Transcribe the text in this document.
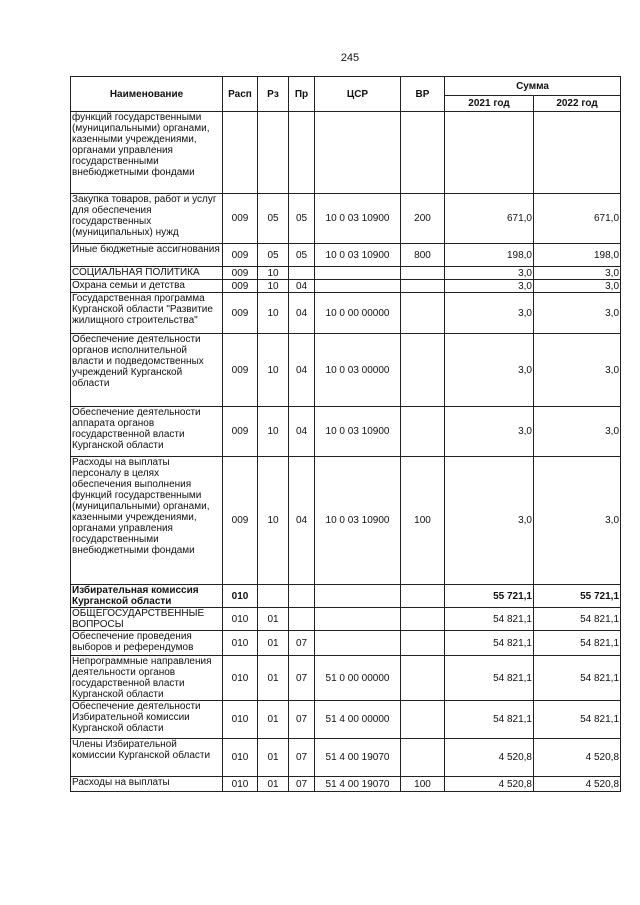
245
Наименование	Расп	Рз	Пр	ЦСР	ВР	Сумма	
						2021 год	2022 год
функций государственными (муниципальными) органами, казенными учреждениями, органами управления государственными внебюджетными фондами							
Закупка товаров, работ и услуг для обеспечения государственных (муниципальных) нужд	009	05	05	10 0 03 10900	200	671,0	671,0
Иные бюджетные ассигнования	009	05	05	10 0 03 10900	800	198,0	198,0
СОЦИАЛЬНАЯ ПОЛИТИКА	009	10				3,0	3,0
Охрана семьи и детства	009	10	04			3,0	3,0
Государственная программа Курганской области "Развитие жилищного строительства"	009	10	04	10 0 00 00000		3,0	3,0
Обеспечение деятельности органов исполнительной власти и подведомственных учреждений Курганской области	009	10	04	10 0 03 00000		3,0	3,0
Обеспечение деятельности аппарата органов государственной власти Курганской области	009	10	04	10 0 03 10900		3,0	3,0
Расходы на выплаты персоналу в целях обеспечения выполнения функций государственными (муниципальными) органами, казенными учреждениями, органами управления государственными внебюджетными фондами	009	10	04	10 0 03 10900	100	3,0	3,0
Избирательная комиссия Курганской области	010					55 721,1	55 721,1
ОБЩЕГОСУДАРСТВЕННЫЕ ВОПРОСЫ	010	01				54 821,1	54 821,1
Обеспечение проведения выборов и референдумов	010	01	07			54 821,1	54 821,1
Непрограммные направления деятельности органов государственной власти Курганской области	010	01	07	51 0 00 00000		54 821,1	54 821,1
Обеспечение деятельности Избирательной комиссии Курганской области	010	01	07	51 4 00 00000		54 821,1	54 821,1
Члены Избирательной комиссии Курганской области	010	01	07	51 4 00 19070		4 520,8	4 520,8
Расходы на выплаты	010	01	07	51 4 00 19070	100	4 520,8	4 520,8
